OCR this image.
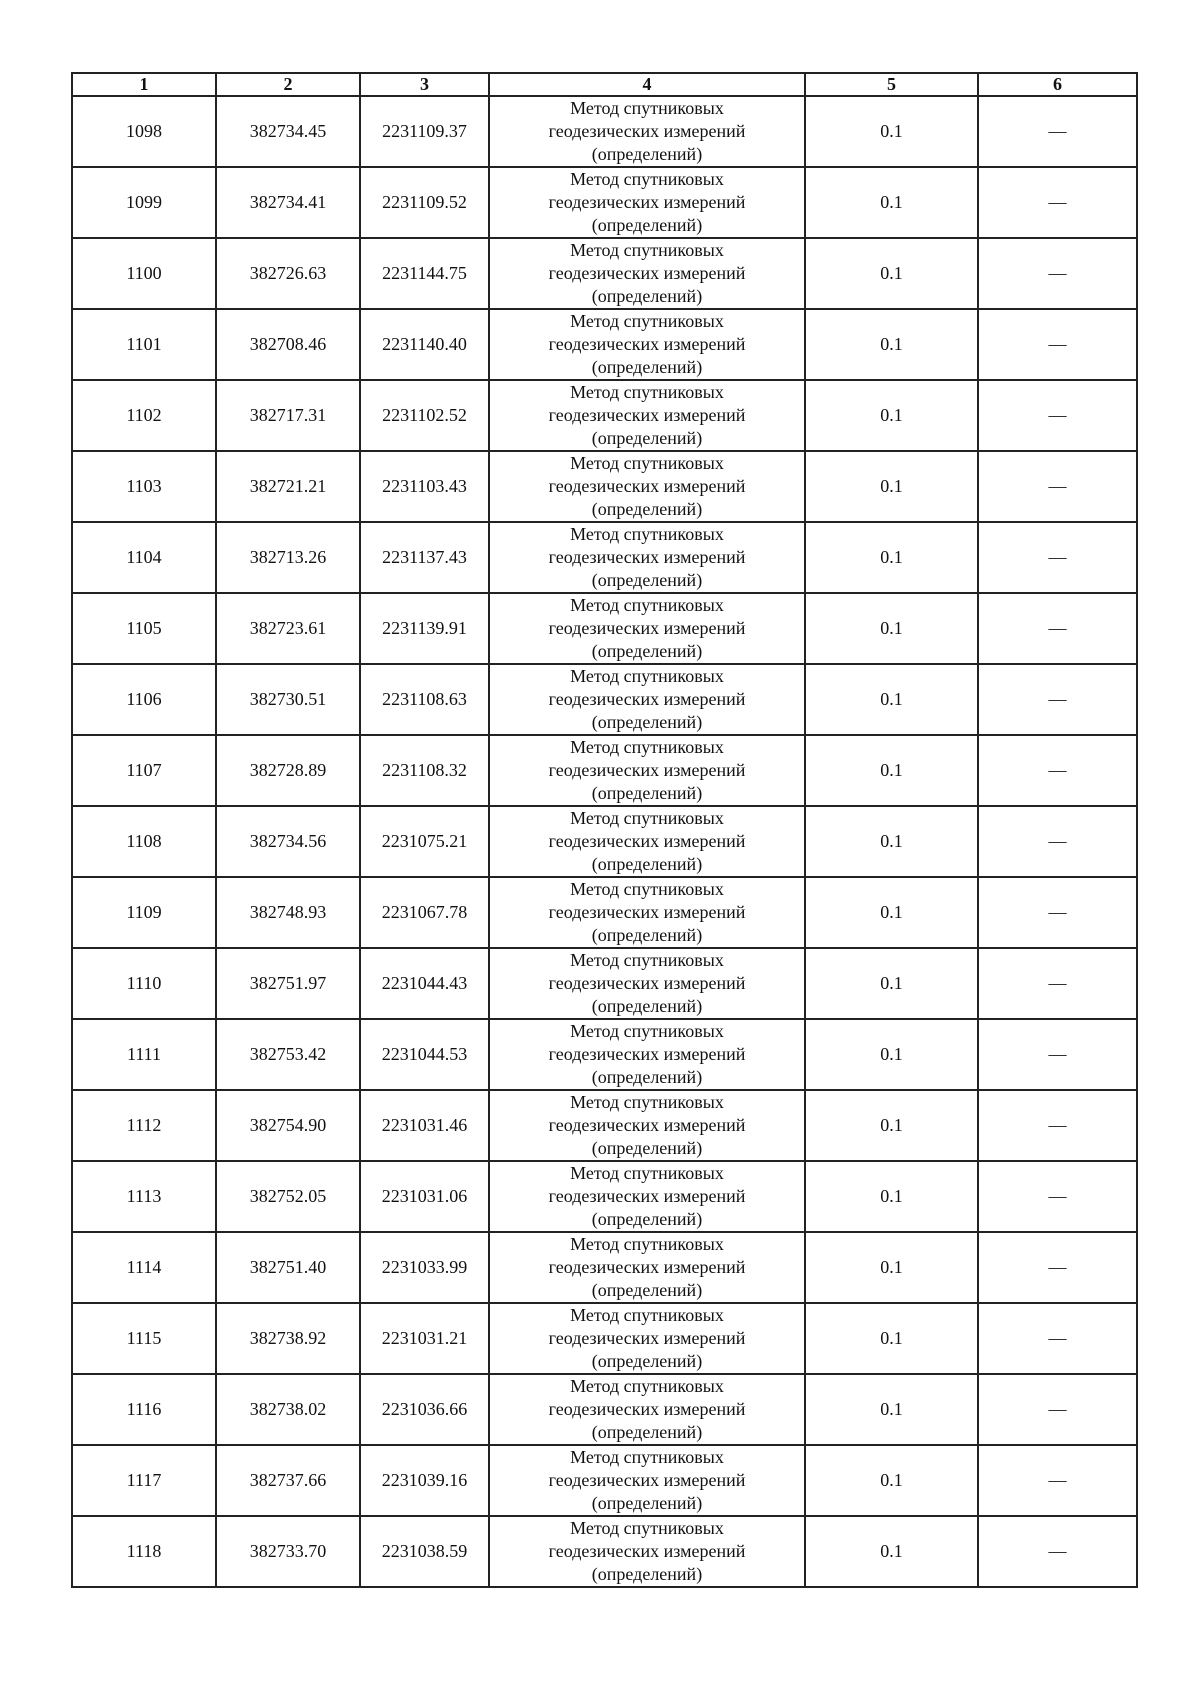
1	2	3	4	5	6
1098	382734.45	2231109.37	Метод спутниковых
геодезических измерений
(определений)	0.1	—
1099	382734.41	2231109.52	Метод спутниковых
геодезических измерений
(определений)	0.1	—
1100	382726.63	2231144.75	Метод спутниковых
геодезических измерений
(определений)	0.1	—
1101	382708.46	2231140.40	Метод спутниковых
геодезических измерений
(определений)	0.1	—
1102	382717.31	2231102.52	Метод спутниковых
геодезических измерений
(определений)	0.1	—
1103	382721.21	2231103.43	Метод спутниковых
геодезических измерений
(определений)	0.1	—
1104	382713.26	2231137.43	Метод спутниковых
геодезических измерений
(определений)	0.1	—
1105	382723.61	2231139.91	Метод спутниковых
геодезических измерений
(определений)	0.1	—
1106	382730.51	2231108.63	Метод спутниковых
геодезических измерений
(определений)	0.1	—
1107	382728.89	2231108.32	Метод спутниковых
геодезических измерений
(определений)	0.1	—
1108	382734.56	2231075.21	Метод спутниковых
геодезических измерений
(определений)	0.1	—
1109	382748.93	2231067.78	Метод спутниковых
геодезических измерений
(определений)	0.1	—
1110	382751.97	2231044.43	Метод спутниковых
геодезических измерений
(определений)	0.1	—
1111	382753.42	2231044.53	Метод спутниковых
геодезических измерений
(определений)	0.1	—
1112	382754.90	2231031.46	Метод спутниковых
геодезических измерений
(определений)	0.1	—
1113	382752.05	2231031.06	Метод спутниковых
геодезических измерений
(определений)	0.1	—
1114	382751.40	2231033.99	Метод спутниковых
геодезических измерений
(определений)	0.1	—
1115	382738.92	2231031.21	Метод спутниковых
геодезических измерений
(определений)	0.1	—
1116	382738.02	2231036.66	Метод спутниковых
геодезических измерений
(определений)	0.1	—
1117	382737.66	2231039.16	Метод спутниковых
геодезических измерений
(определений)	0.1	—
1118	382733.70	2231038.59	Метод спутниковых
геодезических измерений
(определений)	0.1	—
